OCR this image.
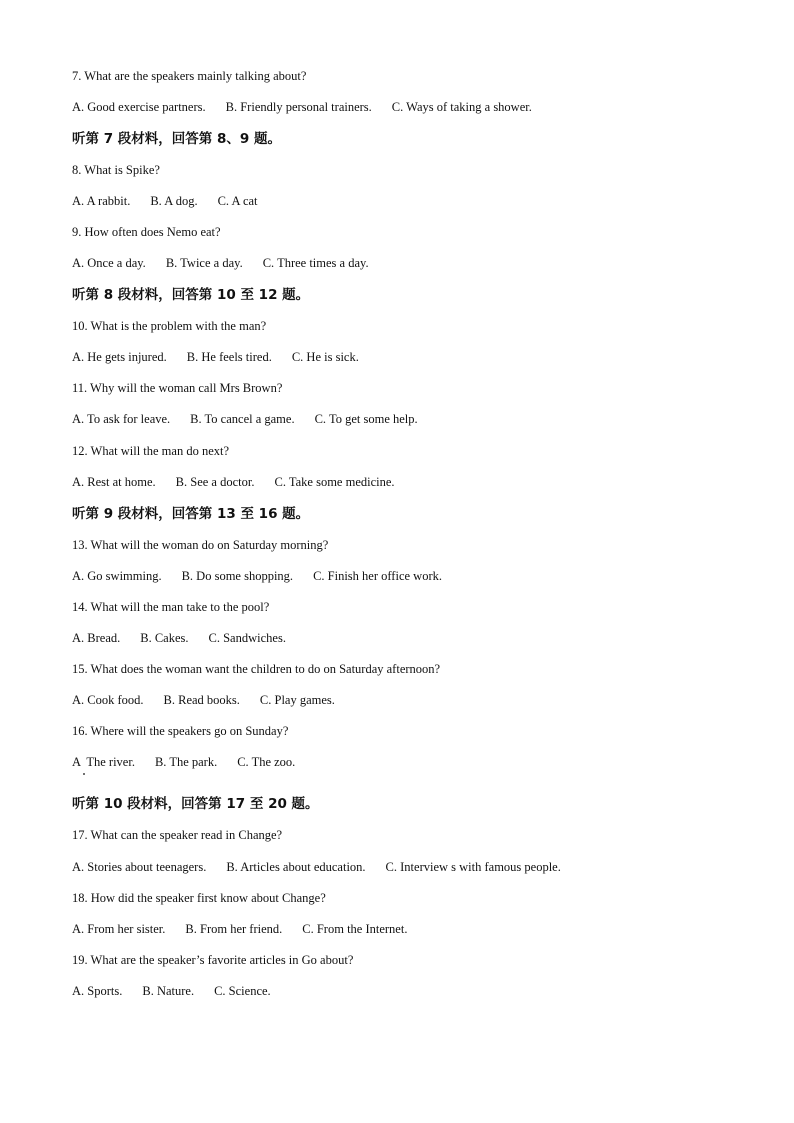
7. What are the speakers mainly talking about?
A. Good exercise partners. B. Friendly personal trainers. C. Ways of taking a shower.
听第 7 段材料，回答第 8、9 题。
8. What is Spike?
A. A rabbit. B. A dog. C. A cat
9. How often does Nemo eat?
A. Once a day. B. Twice a day. C. Three times a day.
听第 8 段材料，回答第 10 至 12 题。
10. What is the problem with the man?
A. He gets injured. B. He feels tired. C. He is sick.
11. Why will the woman call Mrs Brown?
A. To ask for leave. B. To cancel a game. C. To get some help.
12. What will the man do next?
A. Rest at home. B. See a doctor. C. Take some medicine.
听第 9 段材料，回答第 13 至 16 题。
13. What will the woman do on Saturday morning?
A. Go swimming. B. Do some shopping. C. Finish her office work.
14. What will the man take to the pool?
A. Bread. B. Cakes. C. Sandwiches.
15. What does the woman want the children to do on Saturday afternoon?
A. Cook food. B. Read books. C. Play games.
16. Where will the speakers go on Sunday?
A  The river. B. The park. C. The zoo.
听第 10 段材料，回答第 17 至 20 题。
17. What can the speaker read in Change?
A. Stories about teenagers. B. Articles about education. C. Interview s with famous people.
18. How did the speaker first know about Change?
A. From her sister. B. From her friend. C. From the Internet.
19. What are the speaker’s favorite articles in Go about?
A. Sports. B. Nature. C. Science.
